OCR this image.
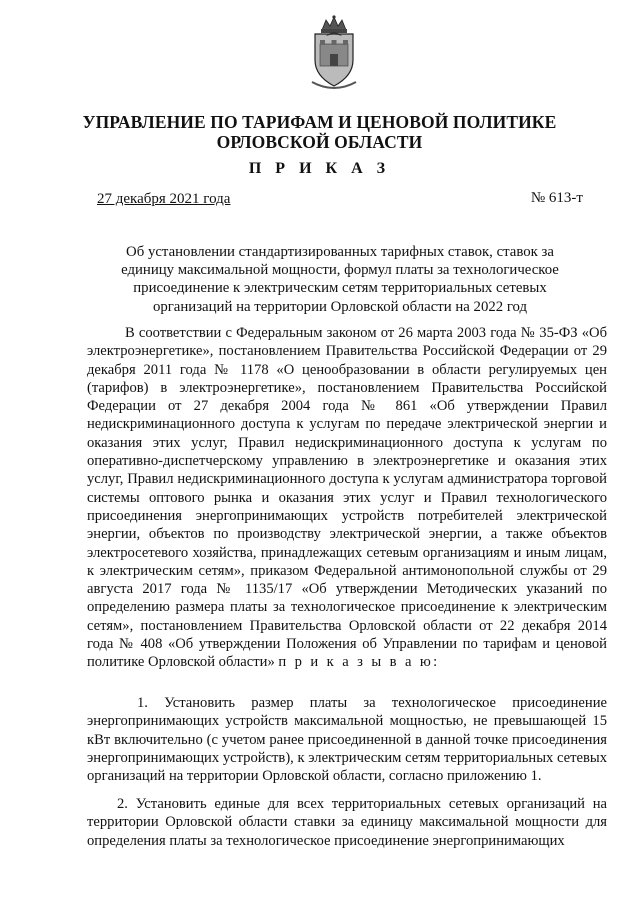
УПРАВЛЕНИЕ ПО ТАРИФАМ И ЦЕНОВОЙ ПОЛИТИКЕ
ОРЛОВСКОЙ ОБЛАСТИ
П Р И К А З
27 декабря 2021 года	№ 613-т
Об установлении стандартизированных тарифных ставок, ставок за единицу максимальной мощности, формул платы за технологическое присоединение к электрическим сетям территориальных сетевых организаций на территории Орловской области на 2022 год
В соответствии с Федеральным законом от 26 марта 2003 года № 35-ФЗ «Об электроэнергетике», постановлением Правительства Российской Федерации от 29 декабря 2011 года № 1178 «О ценообразовании в области регулируемых цен (тарифов) в электроэнергетике», постановлением Правительства Российской Федерации от 27 декабря 2004 года № 861 «Об утверждении Правил недискриминационного доступа к услугам по передаче электрической энергии и оказания этих услуг, Правил недискриминационного доступа к услугам по оперативно-диспетчерскому управлению в электроэнергетике и оказания этих услуг, Правил недискриминационного доступа к услугам администратора торговой системы оптового рынка и оказания этих услуг и Правил технологического присоединения энергопринимающих устройств потребителей электрической энергии, объектов по производству электрической энергии, а также объектов электросетевого хозяйства, принадлежащих сетевым организациям и иным лицам, к электрическим сетям», приказом Федеральной антимонопольной службы от 29 августа 2017 года № 1135/17 «Об утверждении Методических указаний по определению размера платы за технологическое присоединение к электрическим сетям», постановлением Правительства Орловской области от 22 декабря 2014 года № 408 «Об утверждении Положения об Управлении по тарифам и ценовой политике Орловской области» п р и к а з ы в а ю:
1. Установить размер платы за технологическое присоединение энергопринимающих устройств максимальной мощностью, не превышающей 15 кВт включительно (с учетом ранее присоединенной в данной точке присоединения энергопринимающих устройств), к электрическим сетям территориальных сетевых организаций на территории Орловской области, согласно приложению 1.
2. Установить единые для всех территориальных сетевых организаций на территории Орловской области ставки за единицу максимальной мощности для определения платы за технологическое присоединение энергопринимающих
